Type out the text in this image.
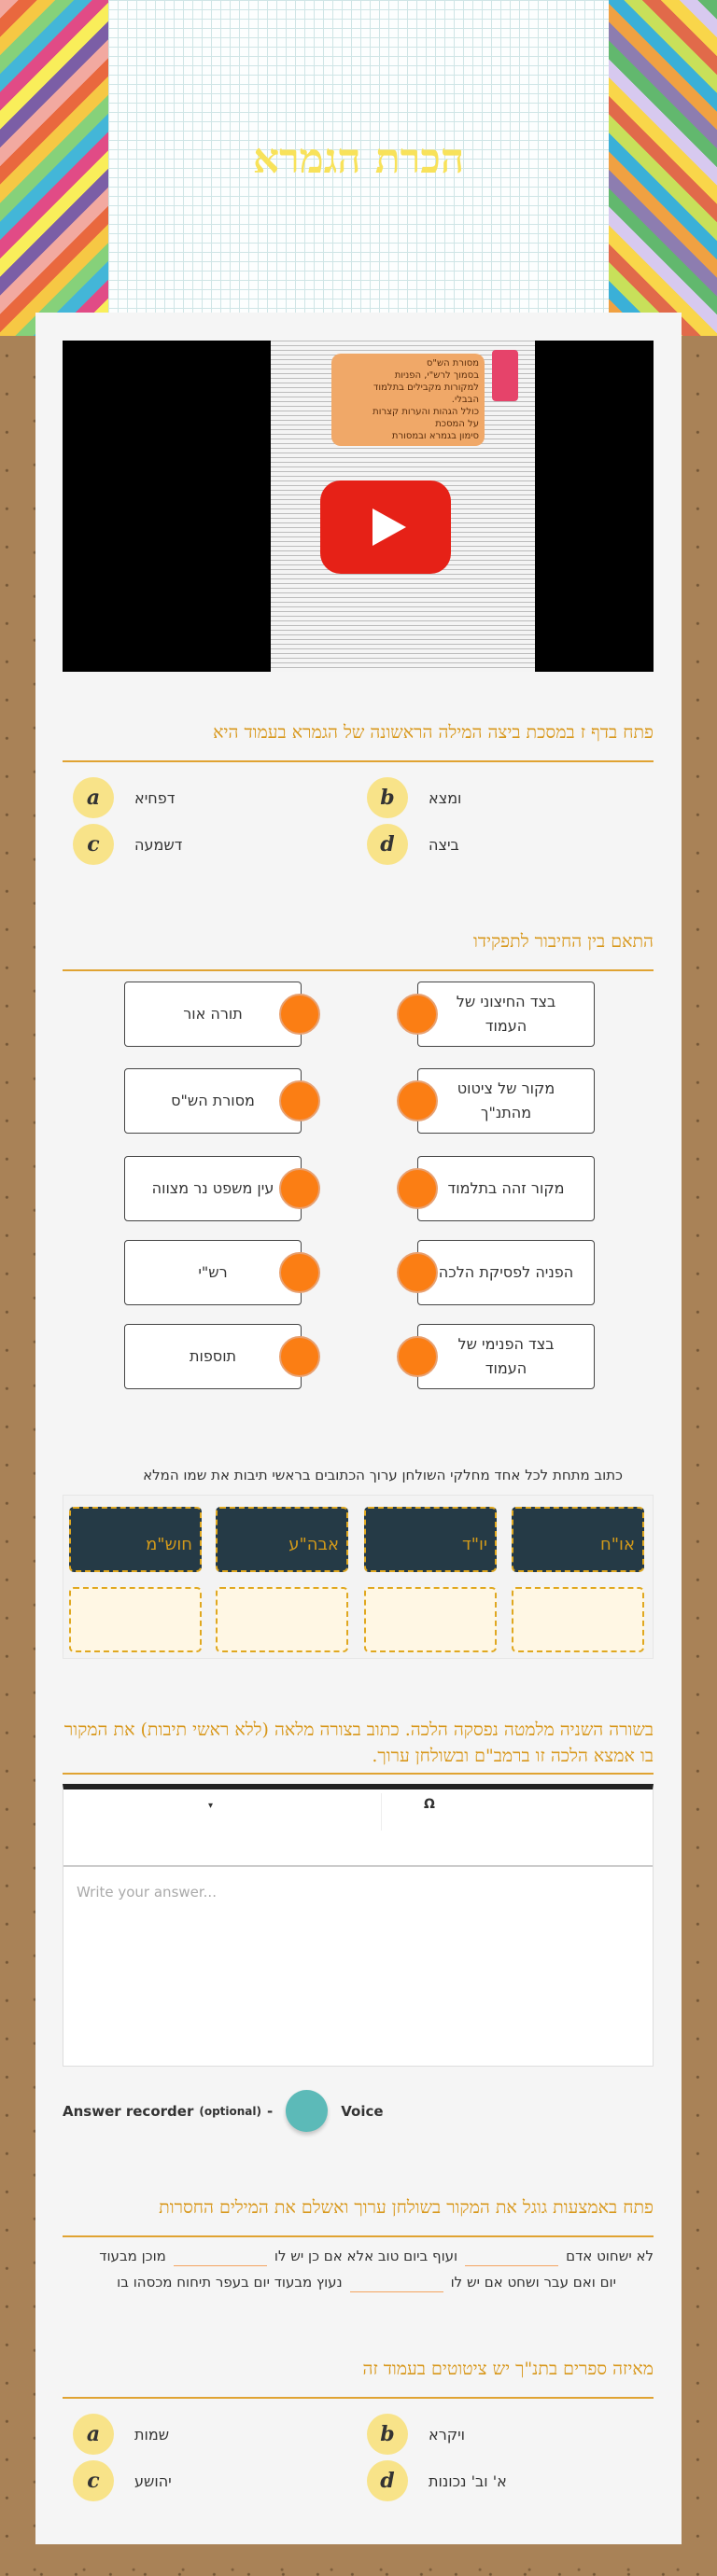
הכרת הגמרא
מסורת הש"ס
בסמוך לרש"י, הפניות
למקורות מקבילים בתלמוד
הבבלי.
כולל הגהות והערות קצרות
על המסכת
סימון בגמרא ובמסורת
פתח בדף ז במסכת ביצה המילה הראשונה של הגמרא בעמוד היא
a	דפחיא	b	ומצא
c	דשמעה	d	ביצה
התאם בין החיבור לתפקידו
תורה אור
מסורת הש"ס
עין משפט נר מצווה
רש"י
תוספות
בצד החיצוני של העמוד
מקור של ציטוט מהתנ"ך
מקור זהה בתלמוד
הפניה לפסיקת הלכה
בצד הפנימי של העמוד
כתוב מתחת לכל אחד מחלקי השולחן ערוך הכתובים בראשי תיבות את שמו המלא
או"ח
יו"ד
אבה"ע
חוש"מ
בשורה השניה מלמטה נפסקה הלכה. כתוב בצורה מלאה (ללא ראשי תיבות) את המקור בו אמצא הלכה זו ברמב"ם ובשולחן ערוך.
▾	Ω
Write your answer...
Answer recorder (optional) -	Voice
פתח באמצעות גוגל את המקור בשולחן ערוך ואשלם את המילים החסרות
לא ישחוט אדםועוף ביום טוב אלא אם כן יש לומוכן מבעוד
יום ואם עבר ושחט אם יש לונעוץ מבעוד יום בעפר תיחוח מכסהו בו
מאיזה ספרים בתנ"ך יש ציטוטים בעמוד זה
a	שמות	b	ויקרא
c	יהושע	d	א' וב' נכונות
